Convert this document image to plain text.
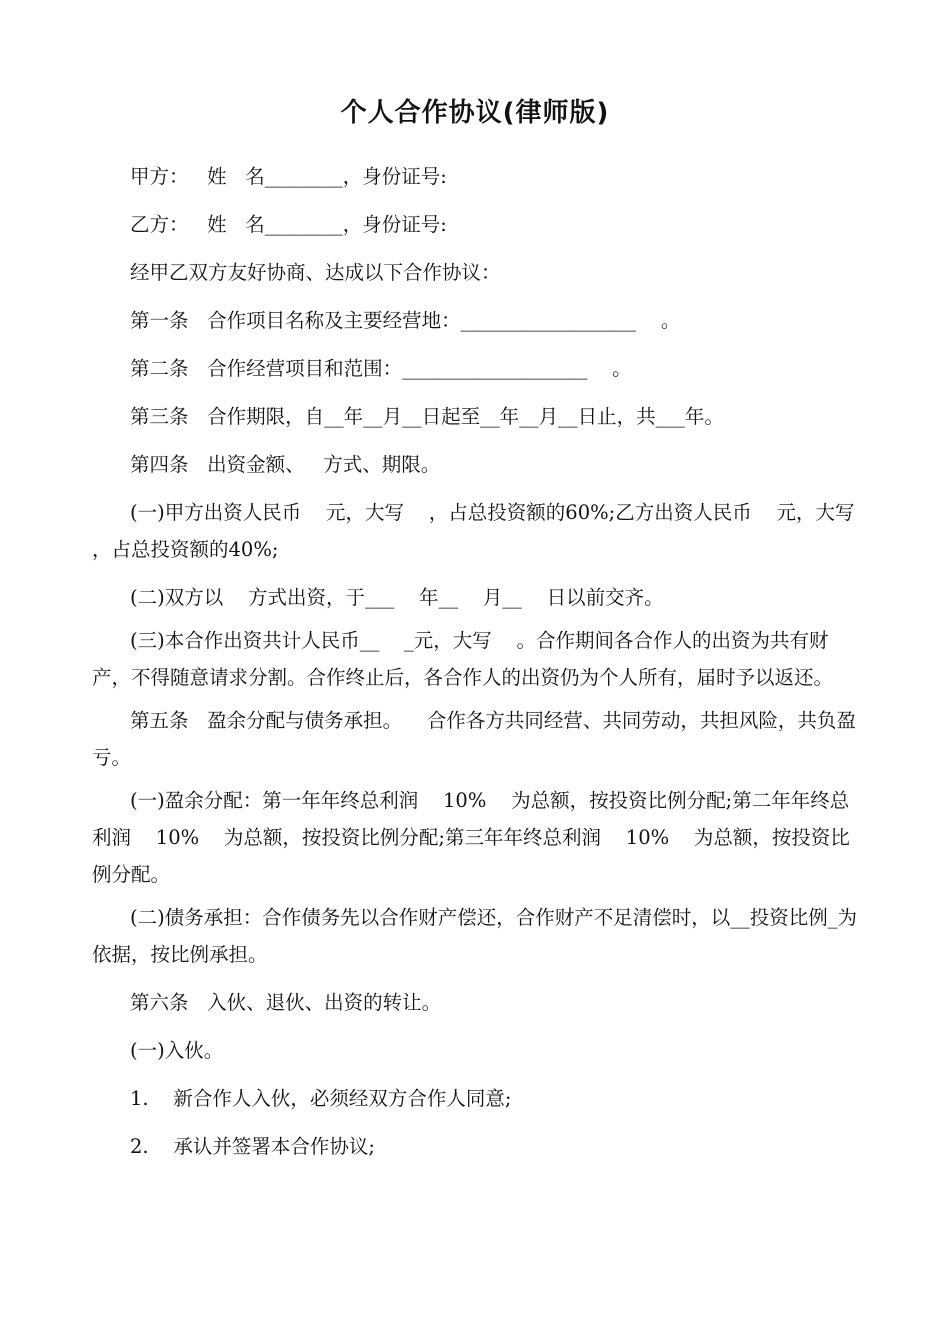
个人合作协议(律师版)

甲方：   姓   名________，身份证号:

乙方：   姓   名________，身份证号:

经甲乙双方友好协商、达成以下合作协议：

第一条   合作项目名称及主要经营地：__________________    。

第二条   合作经营项目和范围：___________________    。

第三条   合作期限，自__年__月__日起至__年__月__日止，共___年。

第四条   出资金额、   方式、期限。

(一)甲方出资人民币    元，大写    ，占总投资额的60%;乙方出资人民币    元，大写    ，占总投资额的40%;

(二)双方以    方式出资，于___    年__    月__    日以前交齐。

(三)本合作出资共计人民币__    _元，大写    。合作期间各合作人的出资为共有财产，不得随意请求分割。合作终止后，各合作人的出资仍为个人所有，届时予以返还。

第五条   盈余分配与债务承担。    合作各方共同经营、共同劳动，共担风险，共负盈亏。

(一)盈余分配：第一年年终总利润    10%    为总额，按投资比例分配;第二年年终总利润    10%    为总额，按投资比例分配;第三年年终总利润    10%    为总额，按投资比例分配。

(二)债务承担：合作债务先以合作财产偿还，合作财产不足清偿时，以__投资比例_为依据，按比例承担。

第六条   入伙、退伙、出资的转让。

(一)入伙。

1.    新合作人入伙，必须经双方合作人同意;

2.    承认并签署本合作协议;
